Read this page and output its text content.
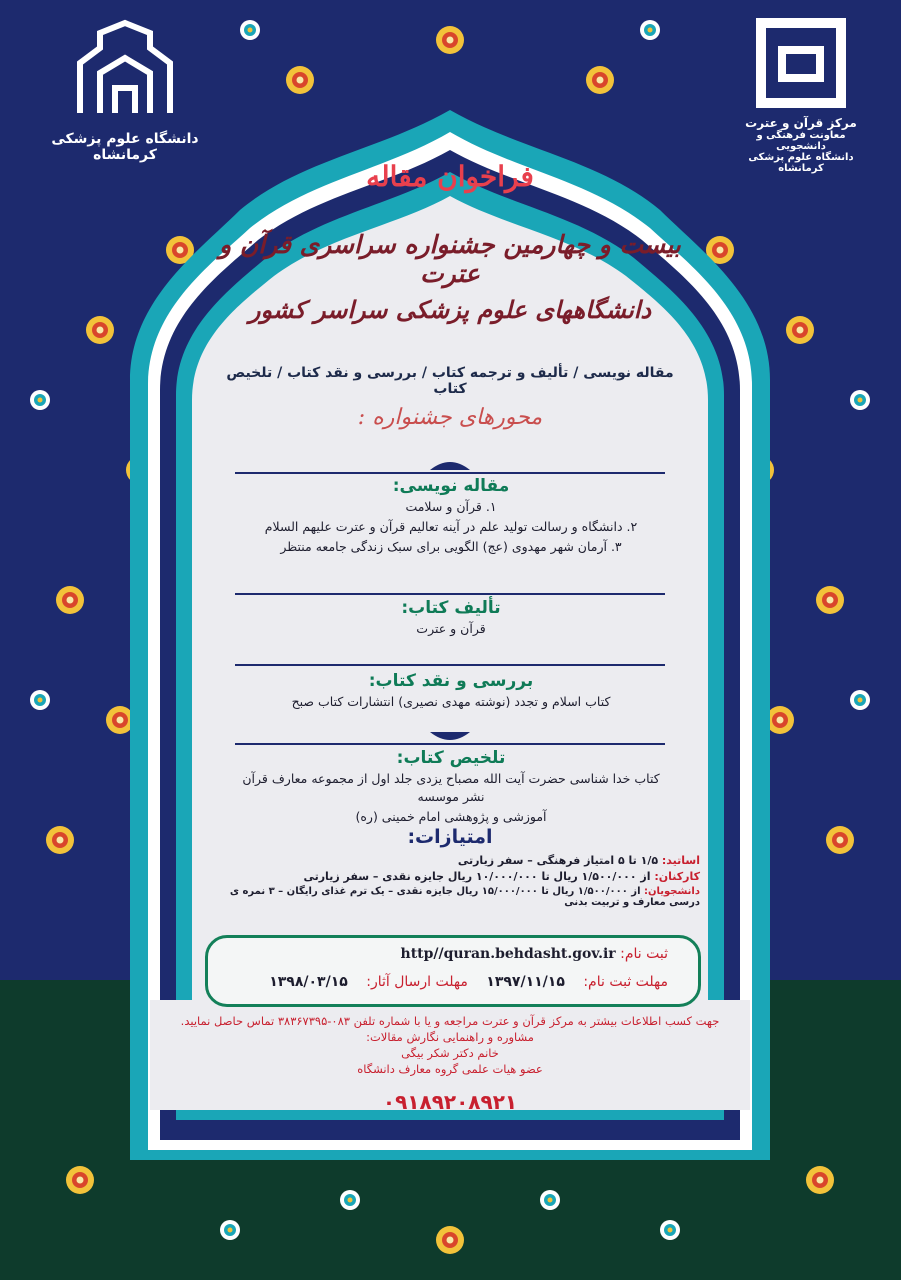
دانشگاه علوم پزشکی کرمانشاه
مرکز قرآن و عترت
معاونت فرهنگی و دانشجویی
دانشگاه علوم پزشکی کرمانشاه
فراخوان مقاله
بیست و چهارمین جشنواره سراسری قرآن و عترت
دانشگاههای علوم پزشکی سراسر کشور
مقاله نویسی / تألیف و ترجمه کتاب / بررسی و نقد کتاب / تلخیص کتاب
محورهای جشنواره :
مقاله نویسی:

۱. قرآن و سلامت

۲. دانشگاه و رسالت تولید علم در آینه تعالیم قرآن و عترت علیهم السلام

۳. آرمان شهر مهدوی (عج) الگویی برای سبک زندگی جامعه منتظر

تألیف کتاب:

قرآن و عترت

بررسی و نقد کتاب:

کتاب اسلام و تجدد (نوشته مهدی نصیری) انتشارات کتاب صبح

تلخیص کتاب:

کتاب خدا شناسی حضرت آیت الله مصباح یزدی جلد اول از مجموعه معارف قرآن نشر موسسه

آموزشی و پژوهشی امام خمینی (ره)

امتیازات:
اساتید: ۱/۵ تا ۵ امتیاز فرهنگی – سفر زیارتی
کارکنان: از ۱/۵۰۰/۰۰۰ ریال تا ۱۰/۰۰۰/۰۰۰ ریال جایزه نقدی – سفر زیارتی
دانشجویان: از ۱/۵۰۰/۰۰۰ ریال تا ۱۵/۰۰۰/۰۰۰ ریال جایزه نقدی – یک ترم غذای رایگان – ۳ نمره ی درسی معارف و تربیت بدنی
ثبت نام: http//quran.behdasht.gov.ir
مهلت ثبت نام: ۱۳۹۷/۱۱/۱۵ مهلت ارسال آثار: ۱۳۹۸/۰۳/۱۵
جهت کسب اطلاعات بیشتر به مرکز قرآن و عترت مراجعه و یا با شماره تلفن ۰۸۳-۳۸۳۶۷۳۹۵ تماس حاصل نمایید.
مشاوره و راهنمایی نگارش مقالات:
خانم دکتر شکر بیگی
عضو هیات علمی گروه معارف دانشگاه
۰۹۱۸۹۲۰۸۹۲۱
